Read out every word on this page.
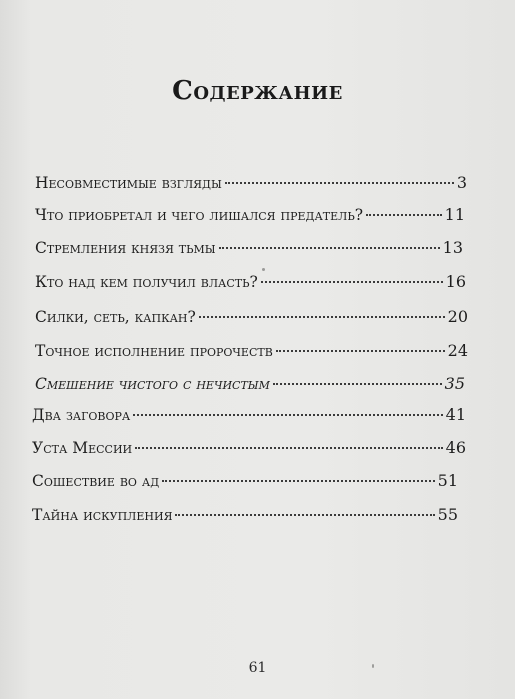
Содержание
Несовместимые взгляды	3
Что приобретал и чего лишался предатель?	11
Стремления князя тьмы	13
Кто над кем получил власть?	16
Силки, сеть, капкан?	20
Точное исполнение пророчеств	24
Смешение чистого с нечистым	35
Два заговора	41
Уста Мессии	46
Сошествие во ад	51
Тайна искупления	55
61
